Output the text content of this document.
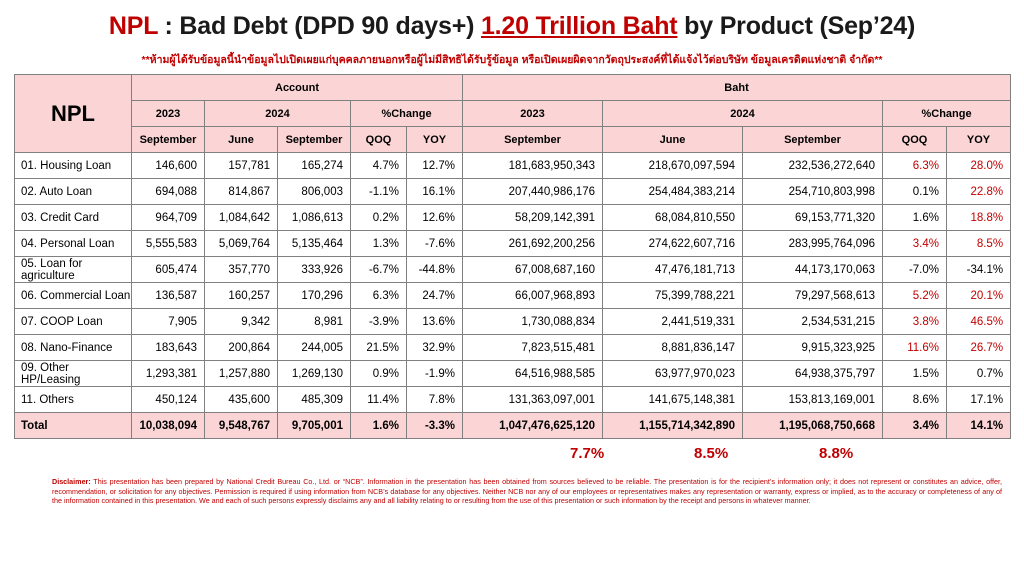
NPL : Bad Debt (DPD 90 days+) 1.20 Trillion Baht by Product (Sep’24)
**ห้ามผู้ได้รับข้อมูลนี้นำข้อมูลไปเปิดเผยแก่บุคคลภายนอกหรือผู้ไม่มีสิทธิได้รับรู้ข้อมูล หรือเปิดเผยผิดจากวัตถุประสงค์ที่ได้แจ้งไว้ต่อบริษัท ข้อมูลเครดิตแห่งชาติ จำกัด**
NPL	Account					Baht				
	2023	2024		%Change		2023	2024		%Change	
	September	June	September	QOQ	YOY	September	June	September	QOQ	YOY
01. Housing Loan	146,600	157,781	165,274	4.7%	12.7%	181,683,950,343	218,670,097,594	232,536,272,640	6.3%	28.0%
02. Auto Loan	694,088	814,867	806,003	-1.1%	16.1%	207,440,986,176	254,484,383,214	254,710,803,998	0.1%	22.8%
03. Credit Card	964,709	1,084,642	1,086,613	0.2%	12.6%	58,209,142,391	68,084,810,550	69,153,771,320	1.6%	18.8%
04. Personal Loan	5,555,583	5,069,764	5,135,464	1.3%	-7.6%	261,692,200,256	274,622,607,716	283,995,764,096	3.4%	8.5%
05. Loan for agriculture	605,474	357,770	333,926	-6.7%	-44.8%	67,008,687,160	47,476,181,713	44,173,170,063	-7.0%	-34.1%
06. Commercial Loan	136,587	160,257	170,296	6.3%	24.7%	66,007,968,893	75,399,788,221	79,297,568,613	5.2%	20.1%
07. COOP Loan	7,905	9,342	8,981	-3.9%	13.6%	1,730,088,834	2,441,519,331	2,534,531,215	3.8%	46.5%
08. Nano-Finance	183,643	200,864	244,005	21.5%	32.9%	7,823,515,481	8,881,836,147	9,915,323,925	11.6%	26.7%
09. Other HP/Leasing	1,293,381	1,257,880	1,269,130	0.9%	-1.9%	64,516,988,585	63,977,970,023	64,938,375,797	1.5%	0.7%
11. Others	450,124	435,600	485,309	11.4%	7.8%	131,363,097,001	141,675,148,381	153,813,169,001	8.6%	17.1%
Total	10,038,094	9,548,767	9,705,001	1.6%	-3.3%	1,047,476,625,120	1,155,714,342,890	1,195,068,750,668	3.4%	14.1%
7.7%	8.5%	8.8%
Disclaimer: This presentation has been prepared by National Credit Bureau Co., Ltd. or “NCB”. Information in the presentation has been obtained from sources believed to be reliable. The presentation is for the recipient’s information only; it does not represent or constitutes an advice, offer, recommendation, or solicitation for any objectives. Permission is required if using information from NCB’s database for any objectives. Neither NCB nor any of our employees or representatives makes any representation or warranty, express or implied, as to the accuracy or completeness of any of the information contained in this presentation. We and each of such persons expressly disclaims any and all liability relating to or resulting from the use of this presentation or such information by the receipt and persons in whatever manner.
